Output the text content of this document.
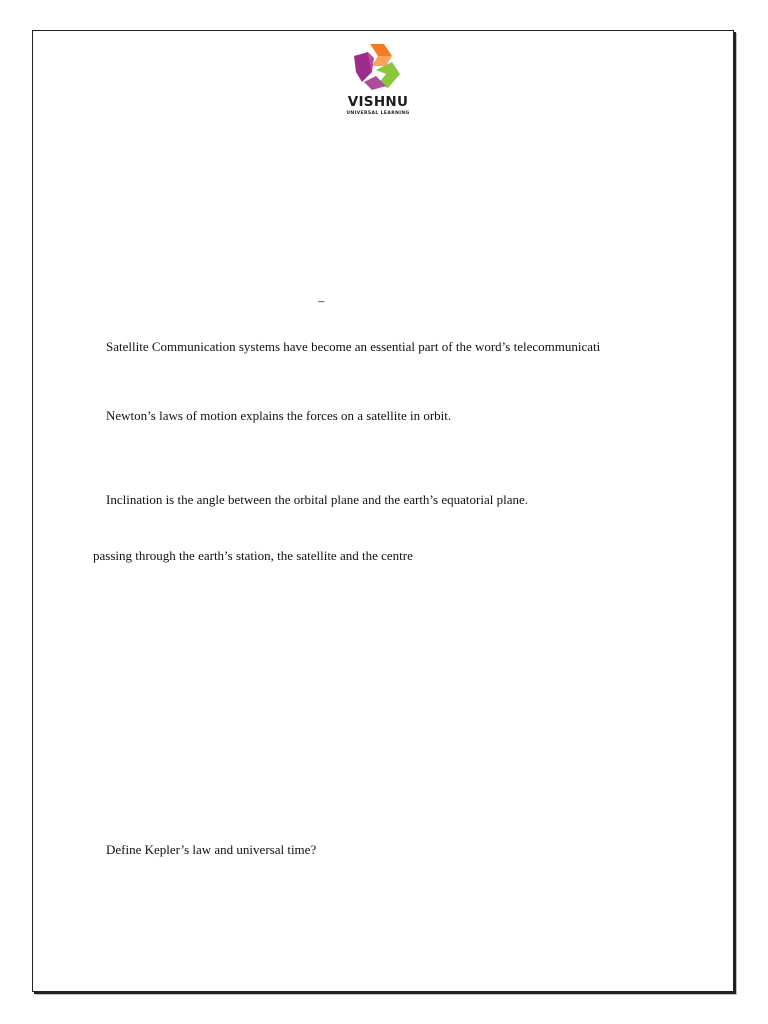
VISHNU
UNIVERSAL LEARNING
–
Satellite Communication systems have become an essential part of the word’s telecommunicati
Newton’s laws of motion explains the forces on a satellite in orbit.
Inclination is the angle between the orbital plane and the earth’s equatorial plane.
passing through the earth’s station, the satellite and the centre
Define Kepler’s law and universal time?
